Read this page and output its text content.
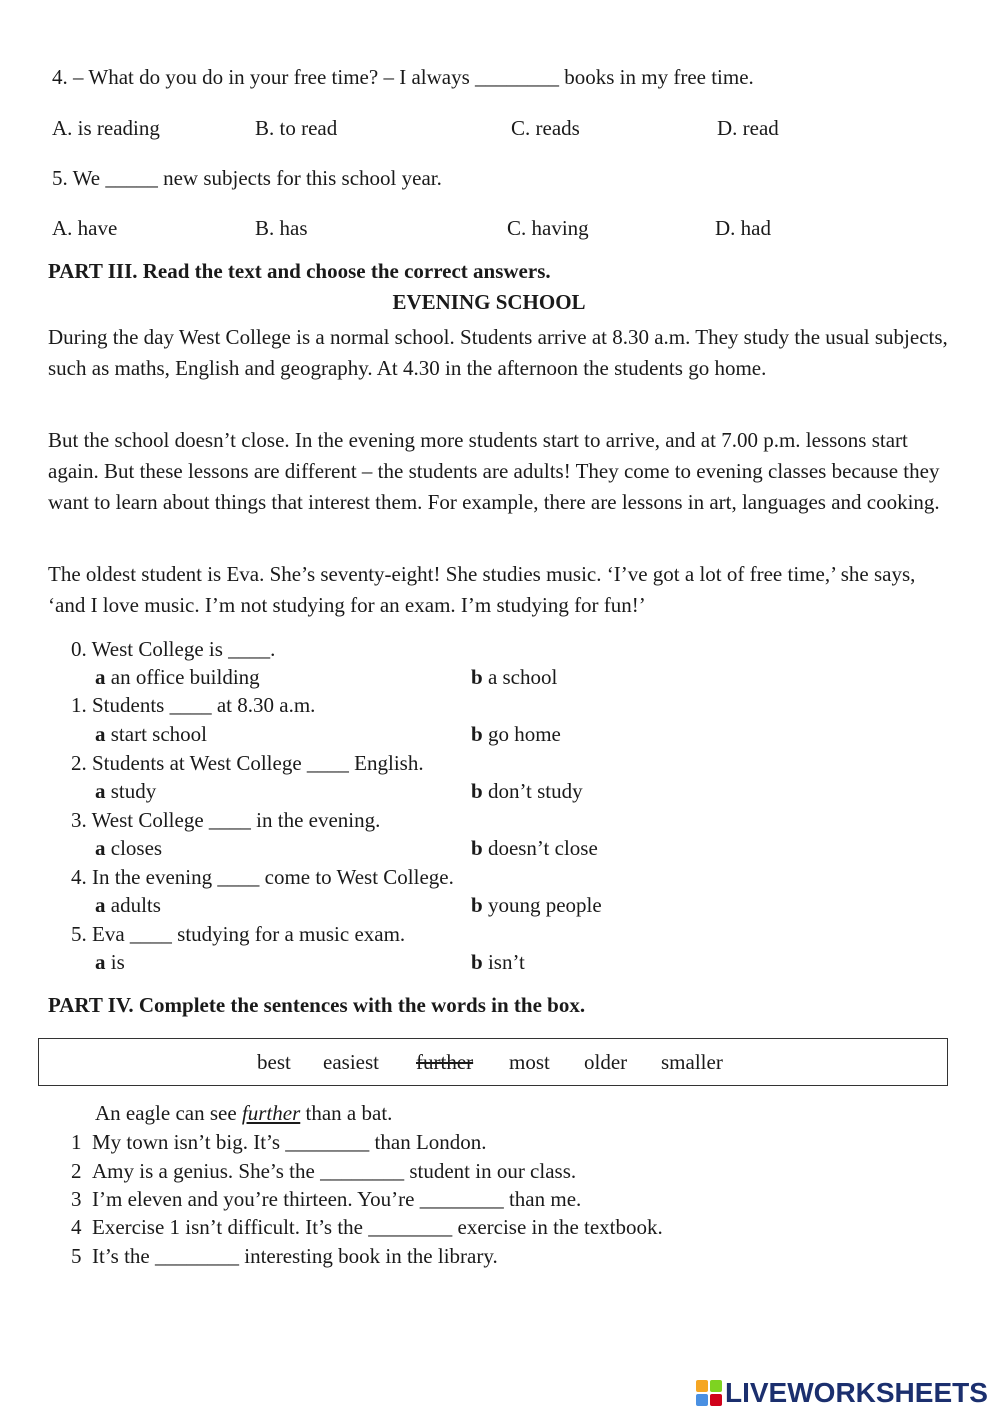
4. – What do you do in your free time? – I always ________ books in my free time.
A. is reading	B. to read	C. reads	D. read
5. We _____ new subjects for this school year.
A. have	B. has	C. having	D. had
PART III. Read the text and choose the correct answers.
EVENING SCHOOL
During the day West College is a normal school. Students arrive at 8.30 a.m. They study the usual subjects, such as maths, English and geography. At 4.30 in the afternoon the students go home.
But the school doesn’t close. In the evening more students start to arrive, and at 7.00 p.m. lessons start again. But these lessons are different – the students are adults! They come to evening classes because they want to learn about things that interest them. For example, there are lessons in art, languages and cooking.
The oldest student is Eva. She’s seventy-eight! She studies music. ‘I’ve got a lot of free time,’ she says, ‘and I love music. I’m not studying for an exam. I’m studying for fun!’
0. West College is ____.
a an office building	b a school
1. Students ____ at 8.30 a.m.
a start school	b go home
2. Students at West College ____ English.
a study	b don’t study
3. West College ____ in the evening.
a closes	b doesn’t close
4. In the evening ____ come to West College.
a adults	b young people
5. Eva ____ studying for a music exam.
a is	b isn’t
PART IV. Complete the sentences with the words in the box.
best easiest further most older smaller
An eagle can see further than a bat.
1 My town isn’t big. It’s ________ than London.
2 Amy is a genius. She’s the ________ student in our class.
3 I’m eleven and you’re thirteen. You’re ________ than me.
4 Exercise 1 isn’t difficult. It’s the ________ exercise in the textbook.
5 It’s the ________ interesting book in the library.
LIVEWORKSHEETS
